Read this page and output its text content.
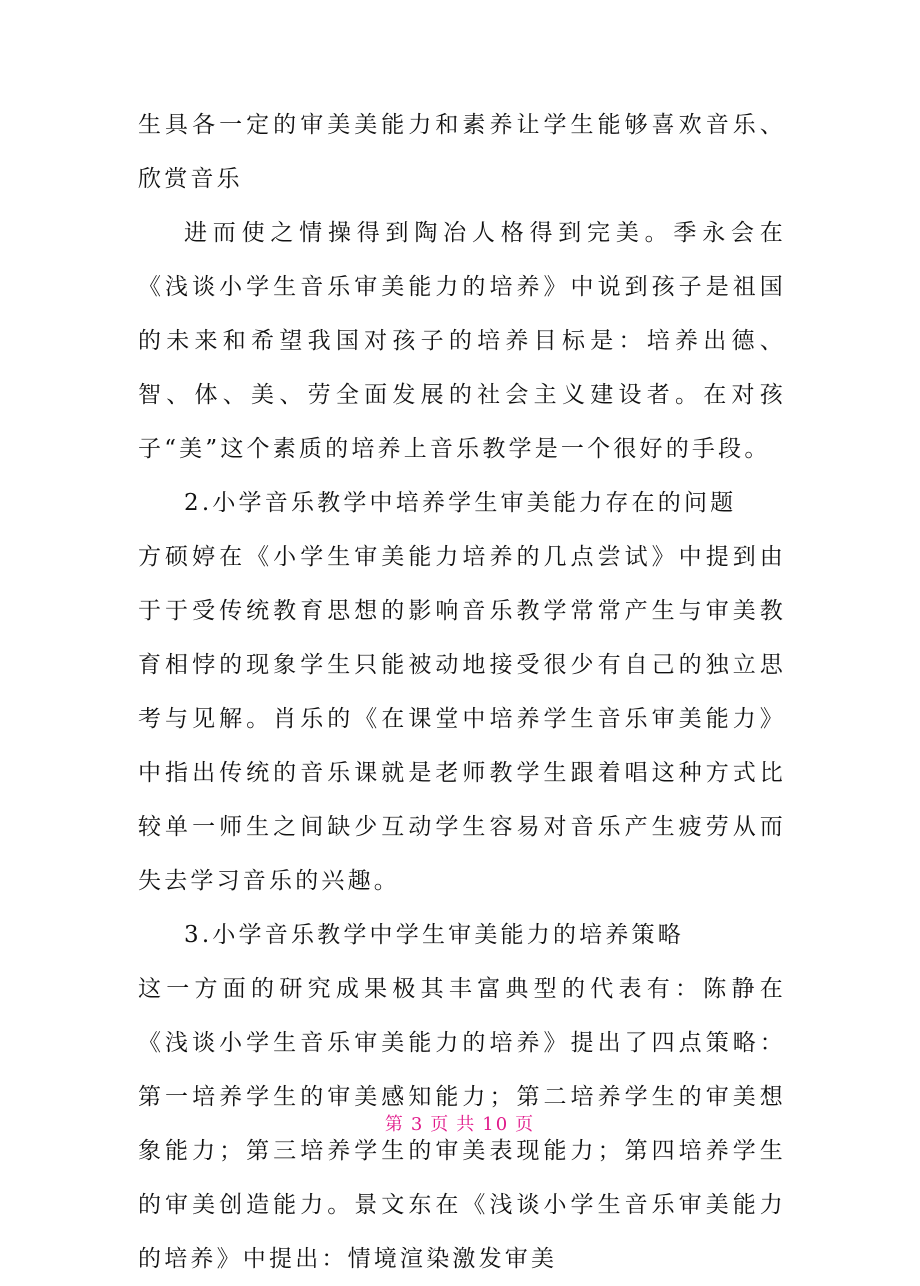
生具各一定的审美美能力和素养让学生能够喜欢音乐、欣赏音乐

进而使之情操得到陶冶人格得到完美。季永会在《浅谈小学生音乐审美能力的培养》中说到孩子是祖国的未来和希望我国对孩子的培养目标是：培养出德、智、体、美、劳全面发展的社会主义建设者。在对孩子“美”这个素质的培养上音乐教学是一个很好的手段。

2.小学音乐教学中培养学生审美能力存在的问题

方硕婷在《小学生审美能力培养的几点尝试》中提到由于于受传统教育思想的影响音乐教学常常产生与审美教育相悖的现象学生只能被动地接受很少有自己的独立思考与见解。肖乐的《在课堂中培养学生音乐审美能力》中指出传统的音乐课就是老师教学生跟着唱这种方式比较单一师生之间缺少互动学生容易对音乐产生疲劳从而失去学习音乐的兴趣。

3.小学音乐教学中学生审美能力的培养策略

这一方面的研究成果极其丰富典型的代表有：陈静在《浅谈小学生音乐审美能力的培养》提出了四点策略：第一培养学生的审美感知能力；第二培养学生的审美想象能力；第三培养学生的审美表现能力；第四培养学生的审美创造能力。景文东在《浅谈小学生音乐审美能力的培养》中提出：情境渲染激发审美

第 3 页 共 10 页
